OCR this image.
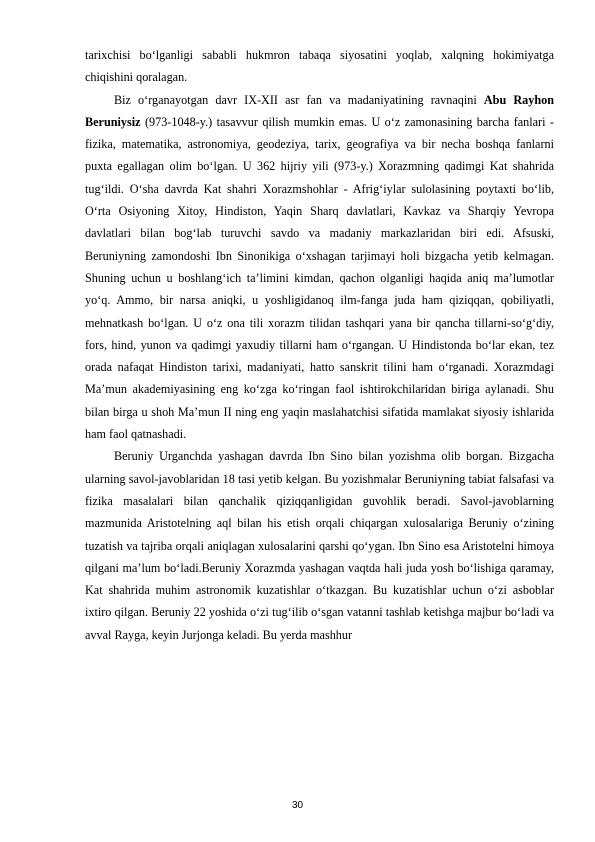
tarixchisi bo‘lganligi sababli hukmron tabaqa siyosatini yoqlab, xalqning hokimiyatga chiqishini qoralagan.

Biz o‘rganayotgan davr IX-XII asr fan va madaniyatining ravnaqini Abu Rayhon Beruniysiz (973-1048-y.) tasavvur qilish mumkin emas. U o‘z zamonasining barcha fanlari - fizika, matematika, astronomiya, geodeziya, tarix, geografiya va bir necha boshqa fanlarni puxta egallagan olim bo‘lgan. U 362 hijriy yili (973-y.) Xorazmning qadimgi Kat shahrida tug‘ildi. O‘sha davrda Kat shahri Xorazmshohlar - Afrig‘iylar sulolasining poytaxti bo‘lib, O‘rta Osiyoning Xitoy, Hindiston, Yaqin Sharq davlatlari, Kavkaz va Sharqiy Yevropa davlatlari bilan bog‘lab turuvchi savdo va madaniy markazlaridan biri edi. Afsuski, Beruniyning zamondoshi Ibn Sinonikiga o‘xshagan tarjimayi holi bizgacha yetib kelmagan. Shuning uchun u boshlang‘ich ta’limini kimdan, qachon olganligi haqida aniq ma’lumotlar yo‘q. Ammo, bir narsa aniqki, u yoshligidanoq ilm-fanga juda ham qiziqqan, qobiliyatli, mehnatkash bo‘lgan. U o‘z ona tili xorazm tilidan tashqari yana bir qancha tillarni-so‘g‘diy, fors, hind, yunon va qadimgi yaxudiy tillarni ham o‘rgangan. U Hindistonda bo‘lar ekan, tez orada nafaqat Hindiston tarixi, madaniyati, hatto sanskrit tilini ham o‘rganadi. Xorazmdagi Ma’mun akademiyasining eng ko‘zga ko‘ringan faol ishtirokchilaridan biriga aylanadi. Shu bilan birga u shoh Ma’mun II ning eng yaqin maslahatchisi sifatida mamlakat siyosiy ishlarida ham faol qatnashadi.

Beruniy Urganchda yashagan davrda Ibn Sino bilan yozishma olib borgan. Bizgacha ularning savol-javoblaridan 18 tasi yetib kelgan. Bu yozishmalar Beruniyning tabiat falsafasi va fizika masalalari bilan qanchalik qiziqqanligidan guvohlik beradi. Savol-javoblarning mazmunida Aristotelning aql bilan his etish orqali chiqargan xulosalariga Beruniy o‘zining tuzatish va tajriba orqali aniqlagan xulosalarini qarshi qo‘ygan. Ibn Sino esa Aristotelni himoya qilgani ma’lum bo‘ladi.Beruniy Xorazmda yashagan vaqtda hali juda yosh bo‘lishiga qaramay, Kat shahrida muhim astronomik kuzatishlar o‘tkazgan. Bu kuzatishlar uchun o‘zi asboblar ixtiro qilgan. Beruniy 22 yoshida o‘zi tug‘ilib o‘sgan vatanni tashlab ketishga majbur bo‘ladi va avval Rayga, keyin Jurjonga keladi. Bu yerda mashhur

30
